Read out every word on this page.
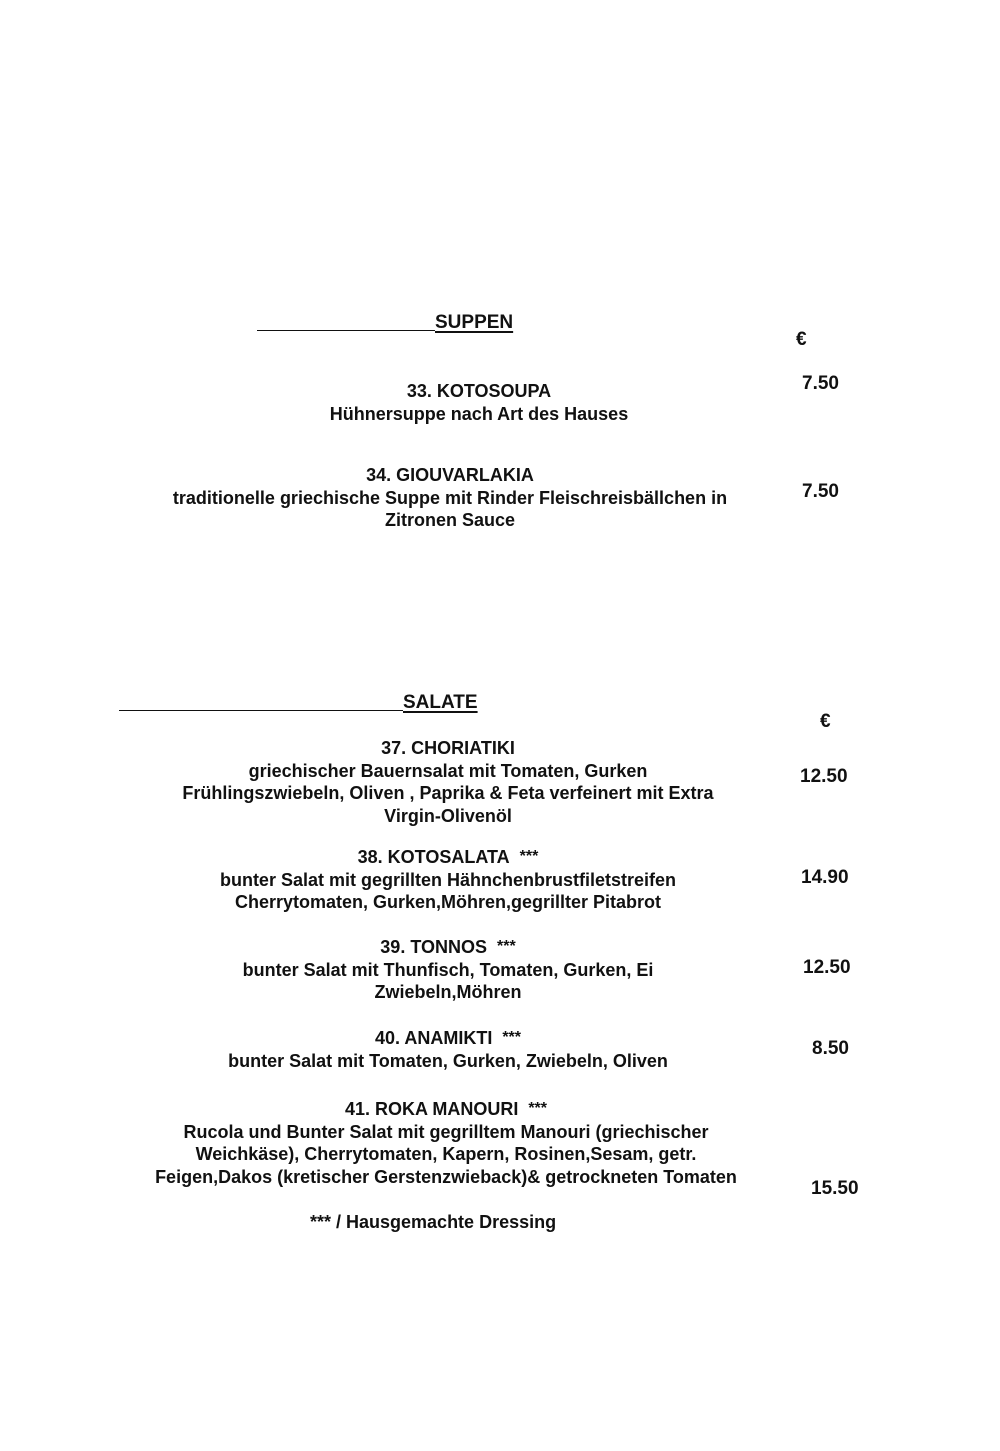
SUPPEN
€
33. KOTOSOUPA
Hühnersuppe nach Art des Hauses
7.50
34. GIOUVARLAKIA
traditionelle griechische Suppe mit Rinder Fleischreisbällchen in
Zitronen Sauce
7.50
SALATE
€
37. CHORIATIKI
griechischer Bauernsalat mit Tomaten, Gurken
Frühlingszwiebeln, Oliven , Paprika & Feta verfeinert mit Extra
Virgin-Olivenöl
12.50
38. KOTOSALATA ***
bunter Salat mit gegrillten Hähnchenbrustfiletstreifen
Cherrytomaten, Gurken,Möhren,gegrillter Pitabrot
14.90
39. TONNOS ***
bunter Salat mit Thunfisch, Tomaten, Gurken, Ei
Zwiebeln,Möhren
12.50
40. ANAMIKTI ***
bunter Salat mit Tomaten, Gurken, Zwiebeln, Oliven
8.50
41. ROKA MANOURI ***
Rucola und Bunter Salat mit gegrilltem Manouri (griechischer
Weichkäse), Cherrytomaten, Kapern, Rosinen,Sesam, getr.
Feigen,Dakos (kretischer Gerstenzwieback)& getrockneten Tomaten
15.50
*** / Hausgemachte Dressing
